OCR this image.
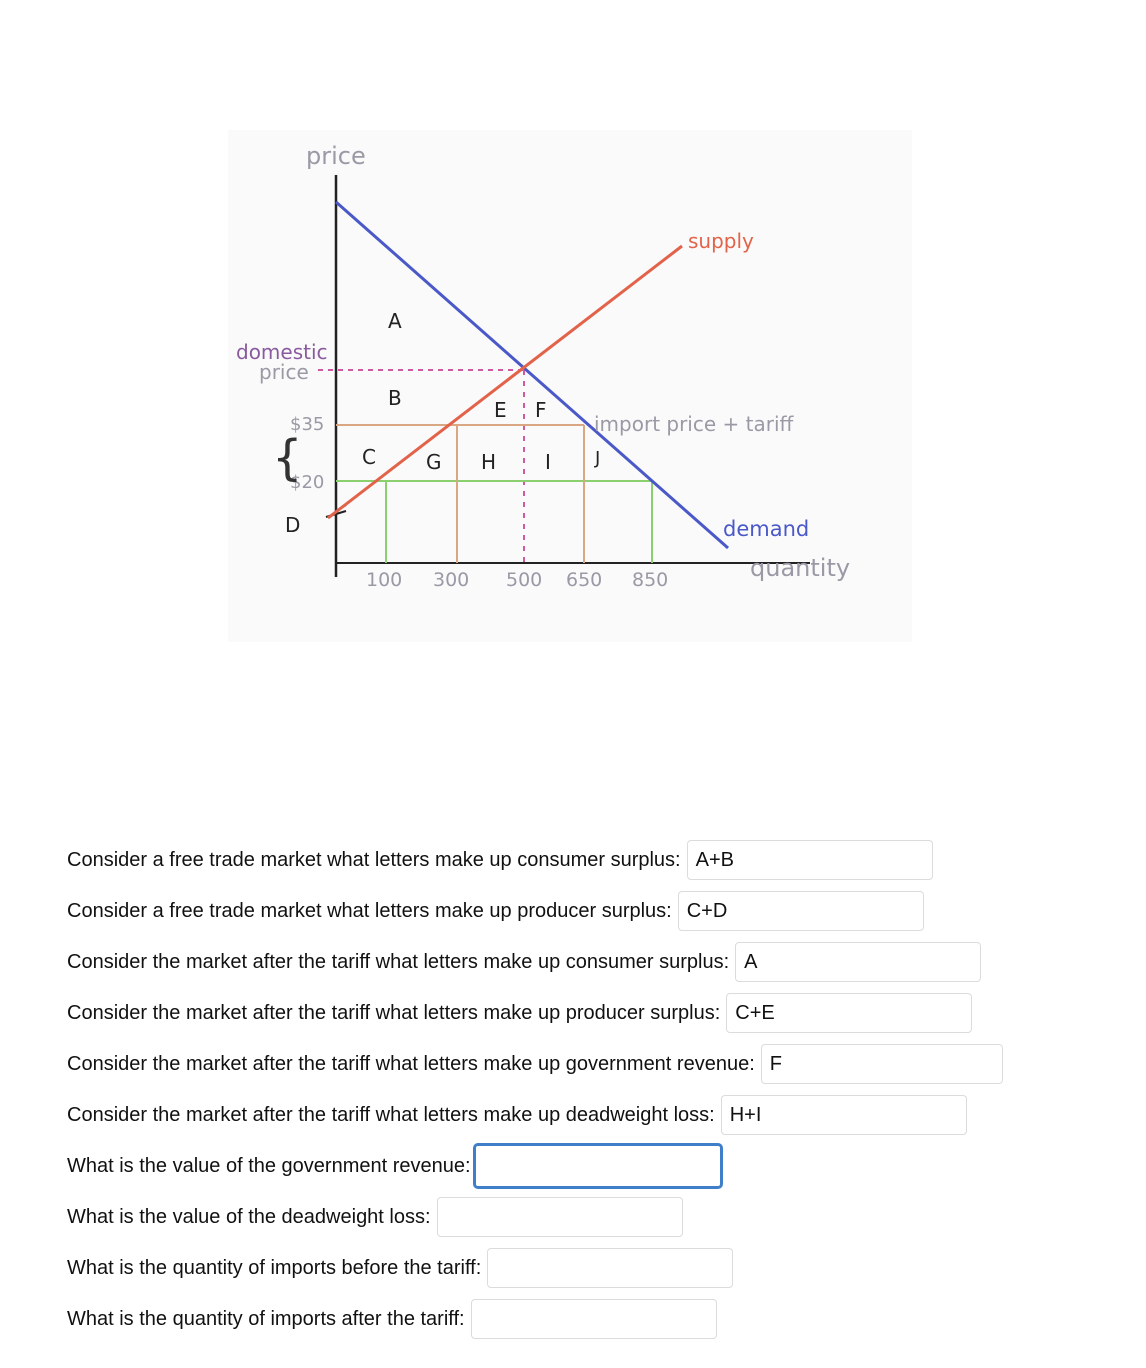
price
quantity
domestic
price
$35
$20
{
supply
demand
import price + tariff
100 300 500 650 850
A
B
C
D
E F
G H I J
Consider a free trade market what letters make up consumer surplus: A+B
Consider a free trade market what letters make up producer surplus: C+D
Consider the market after the tariff what letters make up consumer surplus: A
Consider the market after the tariff what letters make up producer surplus: C+E
Consider the market after the tariff what letters make up government revenue: F
Consider the market after the tariff what letters make up deadweight loss: H+I
What is the value of the government revenue:
What is the value of the deadweight loss:
What is the quantity of imports before the tariff:
What is the quantity of imports after the tariff:
